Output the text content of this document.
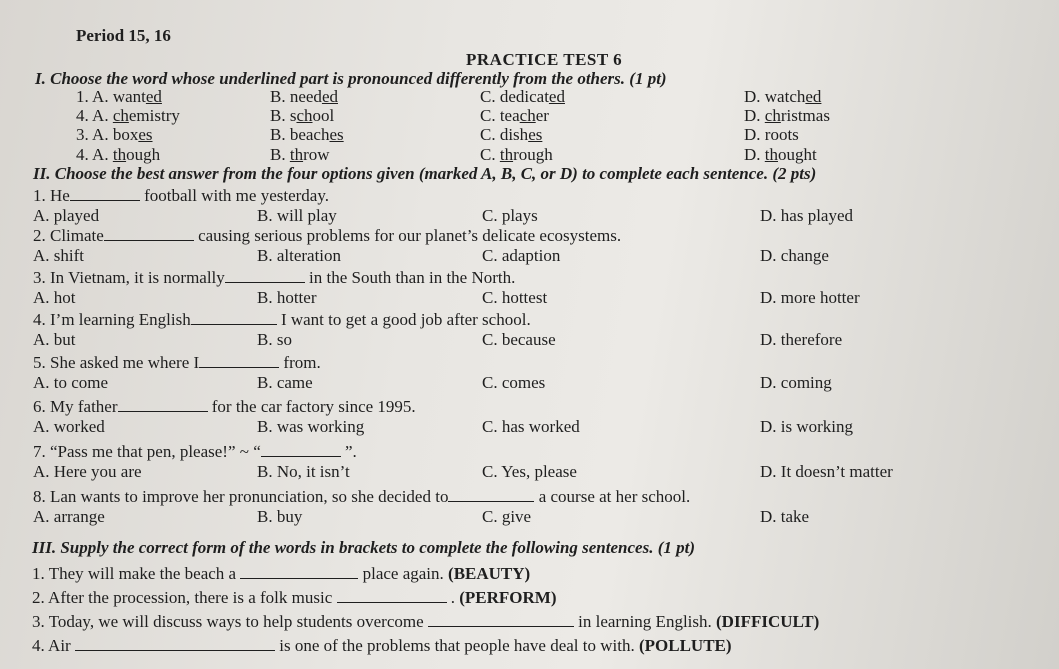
Period 15, 16
PRACTICE TEST 6
I. Choose the word whose underlined part is pronounced differently from the others. (1 pt)
1. A. wanted	B. needed	C. dedicated	D. watched
4. A. chemistry	B. school	C. teacher	D. christmas
3. A. boxes	B. beaches	C. dishes	D. roots
4. A. though	B. throw	C. through	D. thought
II. Choose the best answer from the four options given (marked A, B, C, or D) to complete each sentence. (2 pts)
1. He	football with me yesterday.
A. played	B. will play	C. plays	D. has played
2. Climate	causing serious problems for our planet’s delicate ecosystems.
A. shift	B. alteration	C. adaption	D. change
3. In Vietnam, it is normally	in the South than in the North.
A. hot	B. hotter	C. hottest	D. more hotter
4. I’m learning English	I want to get a good job after school.
A. but	B. so	C. because	D. therefore
5. She asked me where I	from.
A. to come	B. came	C. comes	D. coming
6. My father	for the car factory since 1995.
A. worked	B. was working	C. has worked	D. is working
7. “Pass me that pen, please!” ~ “	”.
A. Here you are	B. No, it isn’t	C. Yes, please	D. It doesn’t matter
8. Lan wants to improve her pronunciation, so she decided to	a course at her school.
A. arrange	B. buy	C. give	D. take
III. Supply the correct form of the words in brackets to complete the following sentences. (1 pt)
1. They will make the beach a	place again. (BEAUTY)
2. After the procession, there is a folk music	. (PERFORM)
3. Today, we will discuss ways to help students overcome	in learning English. (DIFFICULT)
4. Air	is one of the problems that people have deal to with. (POLLUTE)
